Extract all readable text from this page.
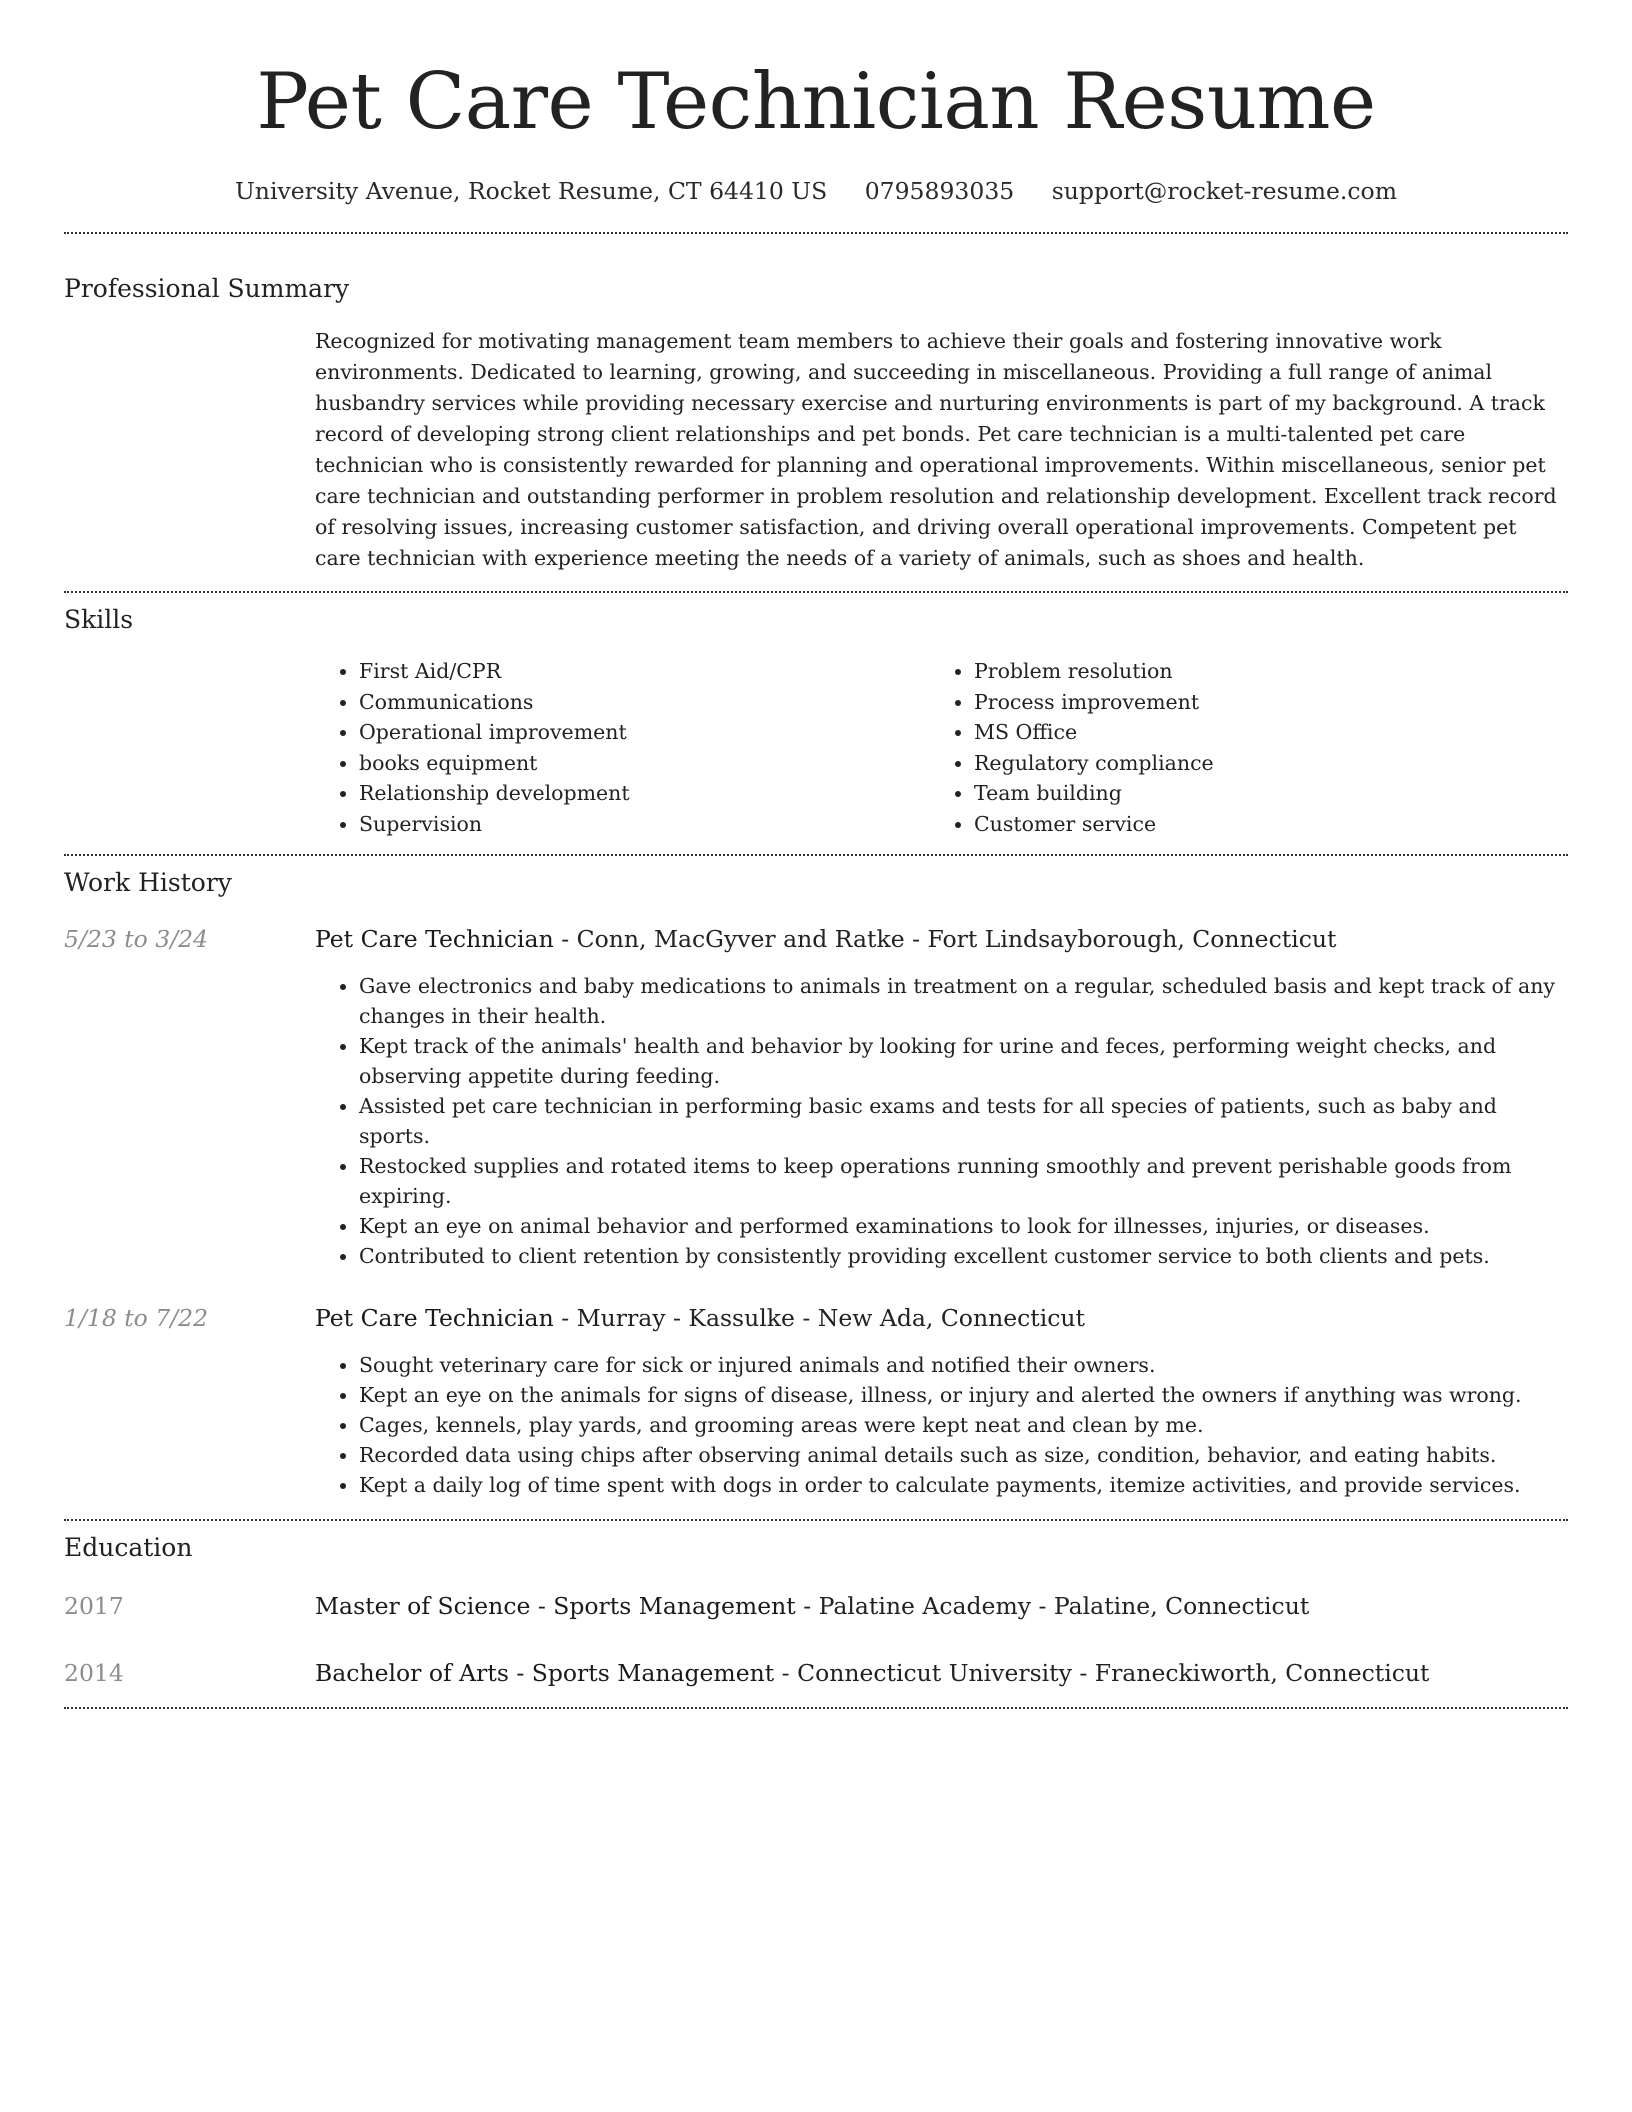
Pet Care Technician Resume
University Avenue, Rocket Resume, CT 64410 US 0795893035 support@rocket-resume.com
Professional Summary

Recognized for motivating management team members to achieve their goals and fostering innovative work environments. Dedicated to learning, growing, and succeeding in miscellaneous. Providing a full range of animal husbandry services while providing necessary exercise and nurturing environments is part of my background. A track record of developing strong client relationships and pet bonds. Pet care technician is a multi-talented pet care technician who is consistently rewarded for planning and operational improvements. Within miscellaneous, senior pet care technician and outstanding performer in problem resolution and relationship development. Excellent track record of resolving issues, increasing customer satisfaction, and driving overall operational improvements. Competent pet care technician with experience meeting the needs of a variety of animals, such as shoes and health.

Skills
• First Aid/CPR
• Communications
• Operational improvement
• books equipment
• Relationship development
• Supervision
• Problem resolution
• Process improvement
• MS Office
• Regulatory compliance
• Team building
• Customer service
Work History
5/23 to 3/24	Pet Care Technician - Conn, MacGyver and Ratke - Fort Lindsayborough, Connecticut
• Gave electronics and baby medications to animals in treatment on a regular, scheduled basis and kept track of any changes in their health.
• Kept track of the animals' health and behavior by looking for urine and feces, performing weight checks, and observing appetite during feeding.
• Assisted pet care technician in performing basic exams and tests for all species of patients, such as baby and sports.
• Restocked supplies and rotated items to keep operations running smoothly and prevent perishable goods from expiring.
• Kept an eye on animal behavior and performed examinations to look for illnesses, injuries, or diseases.
• Contributed to client retention by consistently providing excellent customer service to both clients and pets.
1/18 to 7/22	Pet Care Technician - Murray - Kassulke - New Ada, Connecticut
• Sought veterinary care for sick or injured animals and notified their owners.
• Kept an eye on the animals for signs of disease, illness, or injury and alerted the owners if anything was wrong.
• Cages, kennels, play yards, and grooming areas were kept neat and clean by me.
• Recorded data using chips after observing animal details such as size, condition, behavior, and eating habits.
• Kept a daily log of time spent with dogs in order to calculate payments, itemize activities, and provide services.
Education
2017	Master of Science - Sports Management - Palatine Academy - Palatine, Connecticut
2014	Bachelor of Arts - Sports Management - Connecticut University - Franeckiworth, Connecticut
